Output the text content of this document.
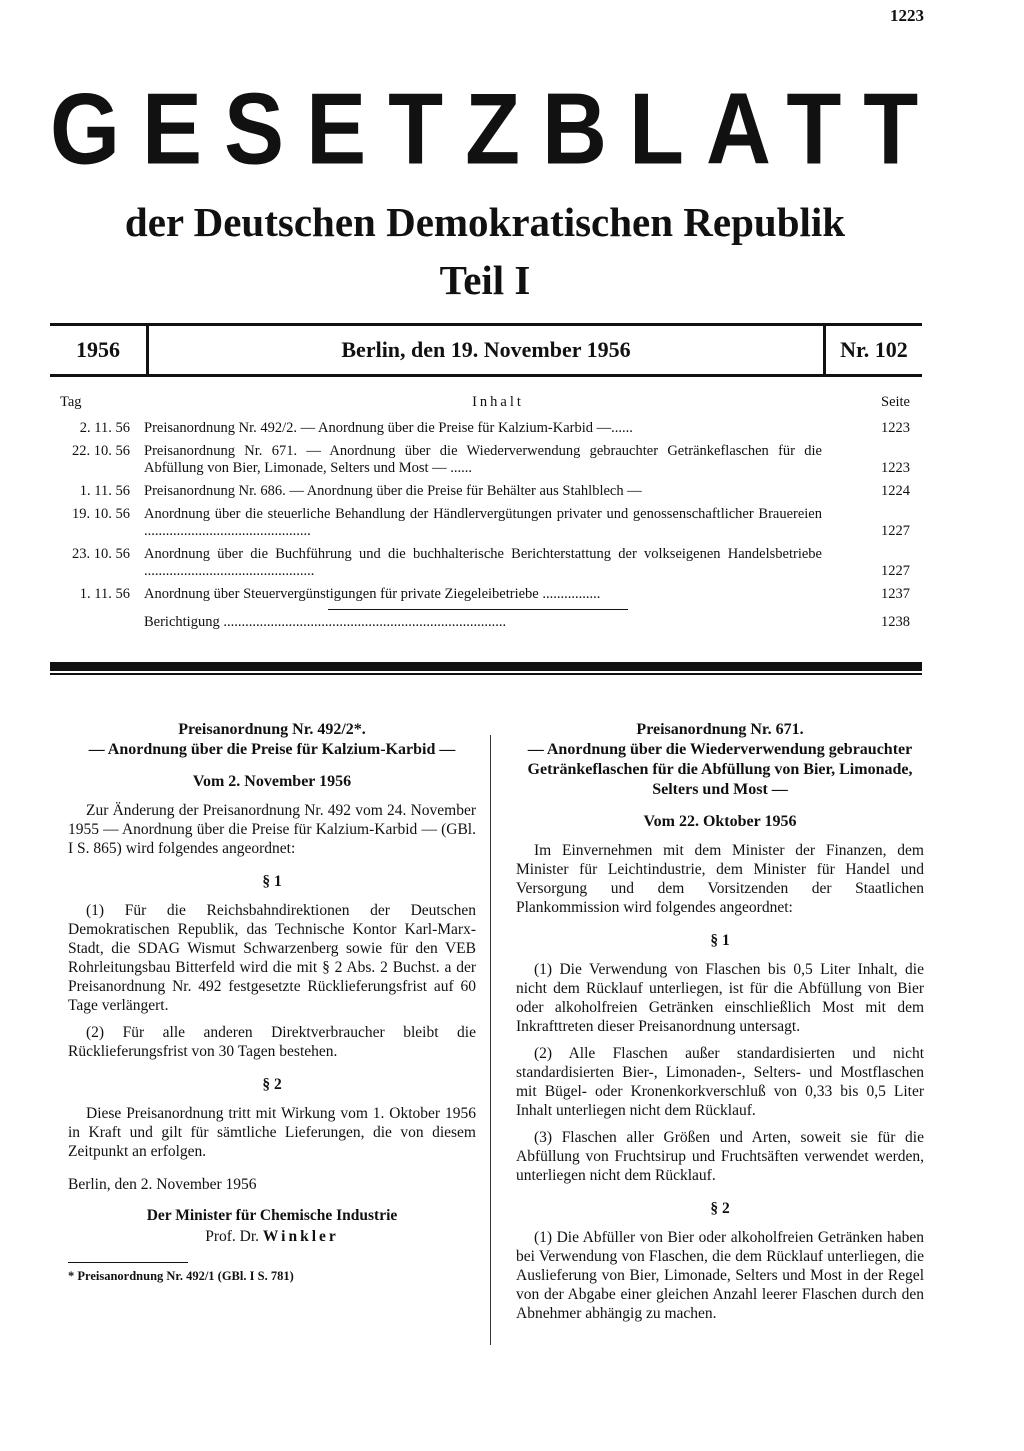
1223
GESETZBLATT
der Deutschen Demokratischen Republik
Teil I
1956	Berlin, den 19. November 1956	Nr. 102
Tag	Inhalt	Seite
2. 11. 56 Preisanordnung Nr. 492/2. — Anordnung über die Preise für Kalzium-Karbid —......	1223
22. 10. 56 Preisanordnung Nr. 671. — Anordnung über die Wiederverwendung gebrauchter Getränkeflaschen für die Abfüllung von Bier, Limonade, Selters und Most — ......	1223
1. 11. 56 Preisanordnung Nr. 686. — Anordnung über die Preise für Behälter aus Stahlblech —	1224
19. 10. 56 Anordnung über die steuerliche Behandlung der Händlervergütungen privater und genossenschaftlicher Brauereien ..............................................	1227
23. 10. 56 Anordnung über die Buchführung und die buchhalterische Berichterstattung der volkseigenen Handelsbetriebe ...............................................	1227
1. 11. 56 Anordnung über Steuervergünstigungen für private Ziegeleibetriebe ................	1237
Berichtigung ..............................................................................	1238

Preisanordnung Nr. 492/2*.

— Anordnung über die Preise für Kalzium-Karbid —

Vom 2. November 1956

Zur Änderung der Preisanordnung Nr. 492 vom 24. November 1955 — Anordnung über die Preise für Kalzium-Karbid — (GBl. I S. 865) wird folgendes angeordnet:

§ 1

(1) Für die Reichsbahndirektionen der Deutschen Demokratischen Republik, das Technische Kontor Karl-Marx-Stadt, die SDAG Wismut Schwarzenberg sowie für den VEB Rohrleitungsbau Bitterfeld wird die mit § 2 Abs. 2 Buchst. a der Preisanordnung Nr. 492 festgesetzte Rücklieferungsfrist auf 60 Tage verlängert.

(2) Für alle anderen Direktverbraucher bleibt die Rücklieferungsfrist von 30 Tagen bestehen.

§ 2

Diese Preisanordnung tritt mit Wirkung vom 1. Oktober 1956 in Kraft und gilt für sämtliche Lieferungen, die von diesem Zeitpunkt an erfolgen.

Berlin, den 2. November 1956

Der Minister für Chemische Industrie

Prof. Dr. Winkler

* Preisanordnung Nr. 492/1 (GBl. I S. 781)

Preisanordnung Nr. 671.

— Anordnung über die Wiederverwendung gebrauchter Getränkeflaschen für die Abfüllung von Bier, Limonade, Selters und Most —

Vom 22. Oktober 1956

Im Einvernehmen mit dem Minister der Finanzen, dem Minister für Leichtindustrie, dem Minister für Handel und Versorgung und dem Vorsitzenden der Staatlichen Plankommission wird folgendes angeordnet:

§ 1

(1) Die Verwendung von Flaschen bis 0,5 Liter Inhalt, die nicht dem Rücklauf unterliegen, ist für die Abfüllung von Bier oder alkoholfreien Getränken einschließlich Most mit dem Inkrafttreten dieser Preisanordnung untersagt.

(2) Alle Flaschen außer standardisierten und nicht standardisierten Bier-, Limonaden-, Selters- und Mostflaschen mit Bügel- oder Kronenkorkverschluß von 0,33 bis 0,5 Liter Inhalt unterliegen nicht dem Rücklauf.

(3) Flaschen aller Größen und Arten, soweit sie für die Abfüllung von Fruchtsirup und Fruchtsäften verwendet werden, unterliegen nicht dem Rücklauf.

§ 2

(1) Die Abfüller von Bier oder alkoholfreien Getränken haben bei Verwendung von Flaschen, die dem Rücklauf unterliegen, die Auslieferung von Bier, Limonade, Selters und Most in der Regel von der Abgabe einer gleichen Anzahl leerer Flaschen durch den Abnehmer abhängig zu machen.
